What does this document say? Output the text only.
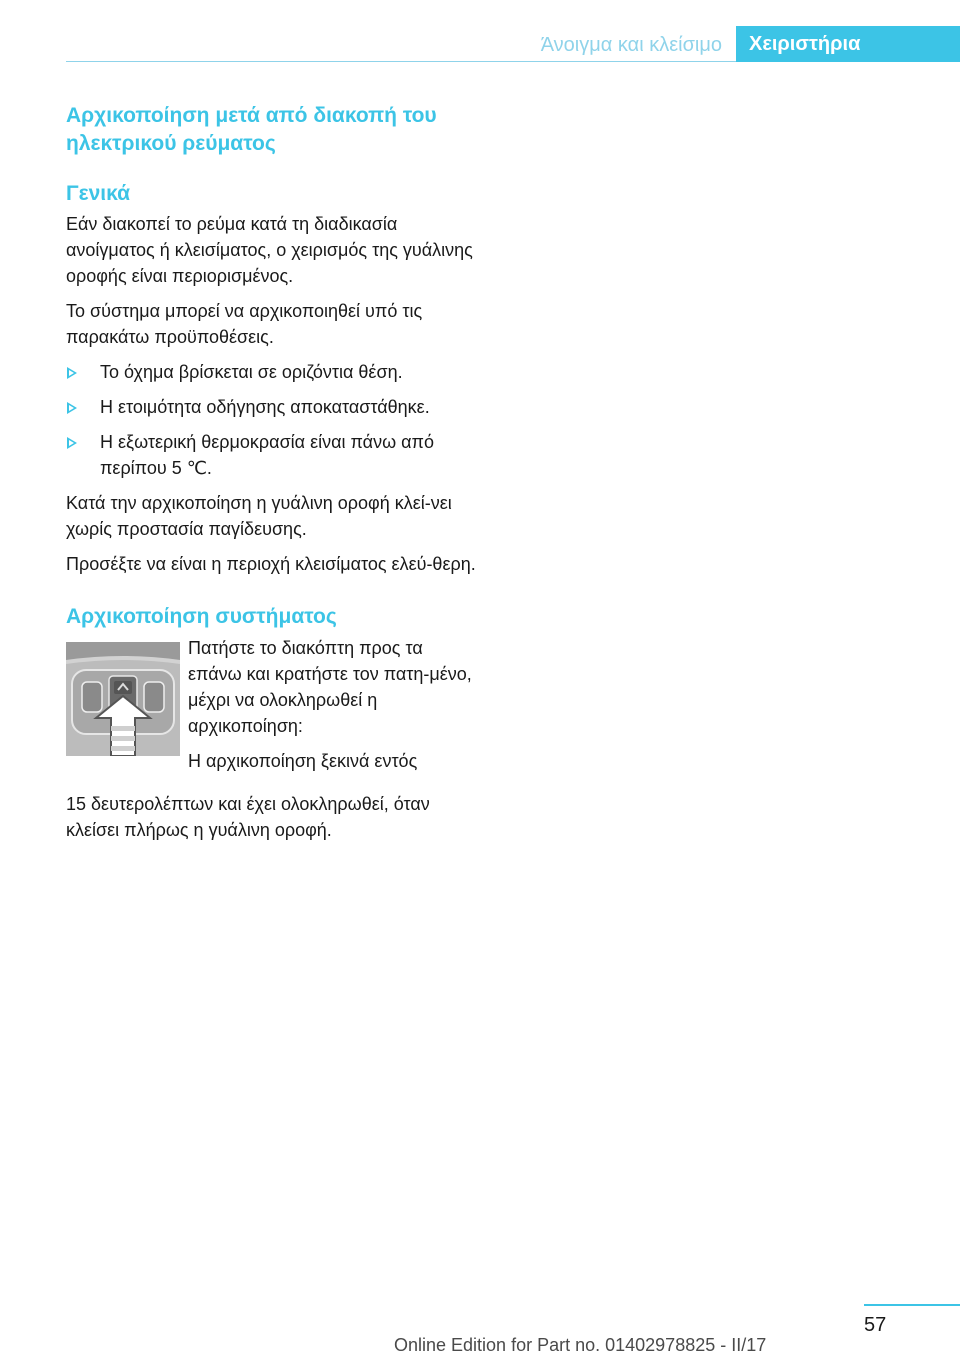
Άνοιγμα και κλείσιμο	Χειριστήρια
Αρχικοποίηση μετά από διακοπή του
ηλεκτρικού ρεύματος
Γενικά

Εάν διακοπεί το ρεύμα κατά τη διαδικασία ανοίγματος ή κλεισίματος, ο χειρισμός της γυάλινης οροφής είναι περιορισμένος.

Το σύστημα μπορεί να αρχικοποιηθεί υπό τις παρακάτω προϋποθέσεις.

Το όχημα βρίσκεται σε οριζόντια θέση.
Η ετοιμότητα οδήγησης αποκαταστάθηκε.
Η εξωτερική θερμοκρασία είναι πάνω από περίπου 5 ℃.

Κατά την αρχικοποίηση η γυάλινη οροφή κλεί-νει χωρίς προστασία παγίδευσης.

Προσέξτε να είναι η περιοχή κλεισίματος ελεύ-θερη.

Αρχικοποίηση συστήματος

Πατήστε το διακόπτη προς τα επάνω και κρατήστε τον πατη-μένο, μέχρι να ολοκληρωθεί η αρχικοποίηση:

Η αρχικοποίηση ξεκινά εντός

15 δευτερολέπτων και έχει ολοκληρωθεί, όταν κλείσει πλήρως η γυάλινη οροφή.

57
Online Edition for Part no. 01402978825 - II/17
